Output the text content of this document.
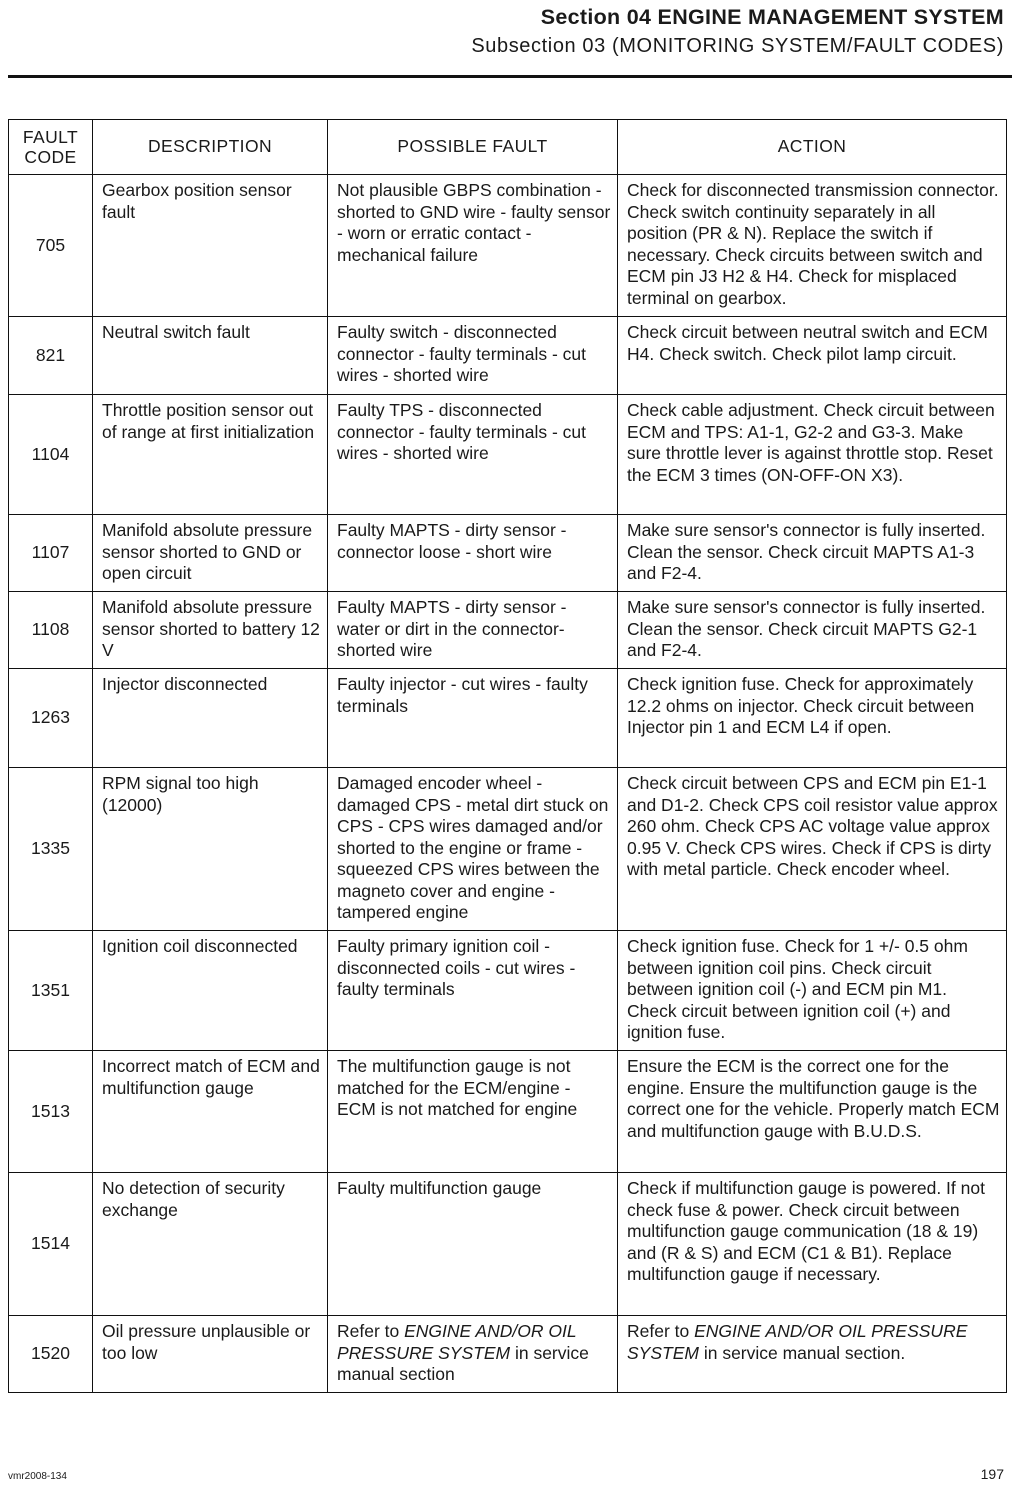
Section 04 ENGINE MANAGEMENT SYSTEM
Subsection 03 (MONITORING SYSTEM/FAULT CODES)
FAULT
CODE	DESCRIPTION	POSSIBLE FAULT	ACTION
705	Gearbox position sensor fault	Not plausible GBPS combination - shorted to GND wire - faulty sensor - worn or erratic contact - mechanical failure	Check for disconnected transmission connector. Check switch continuity separately in all position (PR & N). Replace the switch if necessary. Check circuits between switch and ECM pin J3 H2 & H4. Check for misplaced terminal on gearbox.
821	Neutral switch fault	Faulty switch - disconnected connector - faulty terminals - cut wires - shorted wire	Check circuit between neutral switch and ECM H4. Check switch. Check pilot lamp circuit.
1104	Throttle position sensor out of range at first initialization	Faulty TPS - disconnected connector - faulty terminals - cut wires - shorted wire	Check cable adjustment. Check circuit between ECM and TPS: A1-1, G2-2 and G3-3. Make sure throttle lever is against throttle stop. Reset the ECM 3 times (ON-OFF-ON X3).
1107	Manifold absolute pressure sensor shorted to GND or open circuit	Faulty MAPTS - dirty sensor - connector loose - short wire	Make sure sensor's connector is fully inserted. Clean the sensor. Check circuit MAPTS A1-3 and F2-4.
1108	Manifold absolute pressure sensor shorted to battery 12 V	Faulty MAPTS - dirty sensor - water or dirt in the connector-shorted wire	Make sure sensor's connector is fully inserted. Clean the sensor. Check circuit MAPTS G2-1 and F2-4.
1263	Injector disconnected	Faulty injector - cut wires - faulty terminals	Check ignition fuse. Check for approximately 12.2 ohms on injector. Check circuit between Injector pin 1 and ECM L4 if open.
1335	RPM signal too high (12000)	Damaged encoder wheel - damaged CPS - metal dirt stuck on CPS - CPS wires damaged and/or shorted to the engine or frame - squeezed CPS wires between the magneto cover and engine - tampered engine	Check circuit between CPS and ECM pin E1-1 and D1-2. Check CPS coil resistor value approx 260 ohm. Check CPS AC voltage value approx 0.95 V. Check CPS wires. Check if CPS is dirty with metal particle. Check encoder wheel.
1351	Ignition coil disconnected	Faulty primary ignition coil - disconnected coils - cut wires - faulty terminals	Check ignition fuse. Check for 1 +/- 0.5 ohm between ignition coil pins. Check circuit between ignition coil (-) and ECM pin M1. Check circuit between ignition coil (+) and ignition fuse.
1513	Incorrect match of ECM and multifunction gauge	The multifunction gauge is not matched for the ECM/engine - ECM is not matched for engine	Ensure the ECM is the correct one for the engine. Ensure the multifunction gauge is the correct one for the vehicle. Properly match ECM and multifunction gauge with B.U.D.S.
1514	No detection of security exchange	Faulty multifunction gauge	Check if multifunction gauge is powered. If not check fuse & power. Check circuit between multifunction gauge communication (18 & 19) and (R & S) and ECM (C1 & B1). Replace multifunction gauge if necessary.
1520	Oil pressure unplausible or too low	Refer to ENGINE AND/OR OIL PRESSURE SYSTEM in service manual section	Refer to ENGINE AND/OR OIL PRESSURE SYSTEM in service manual section.
vmr2008-134	197
